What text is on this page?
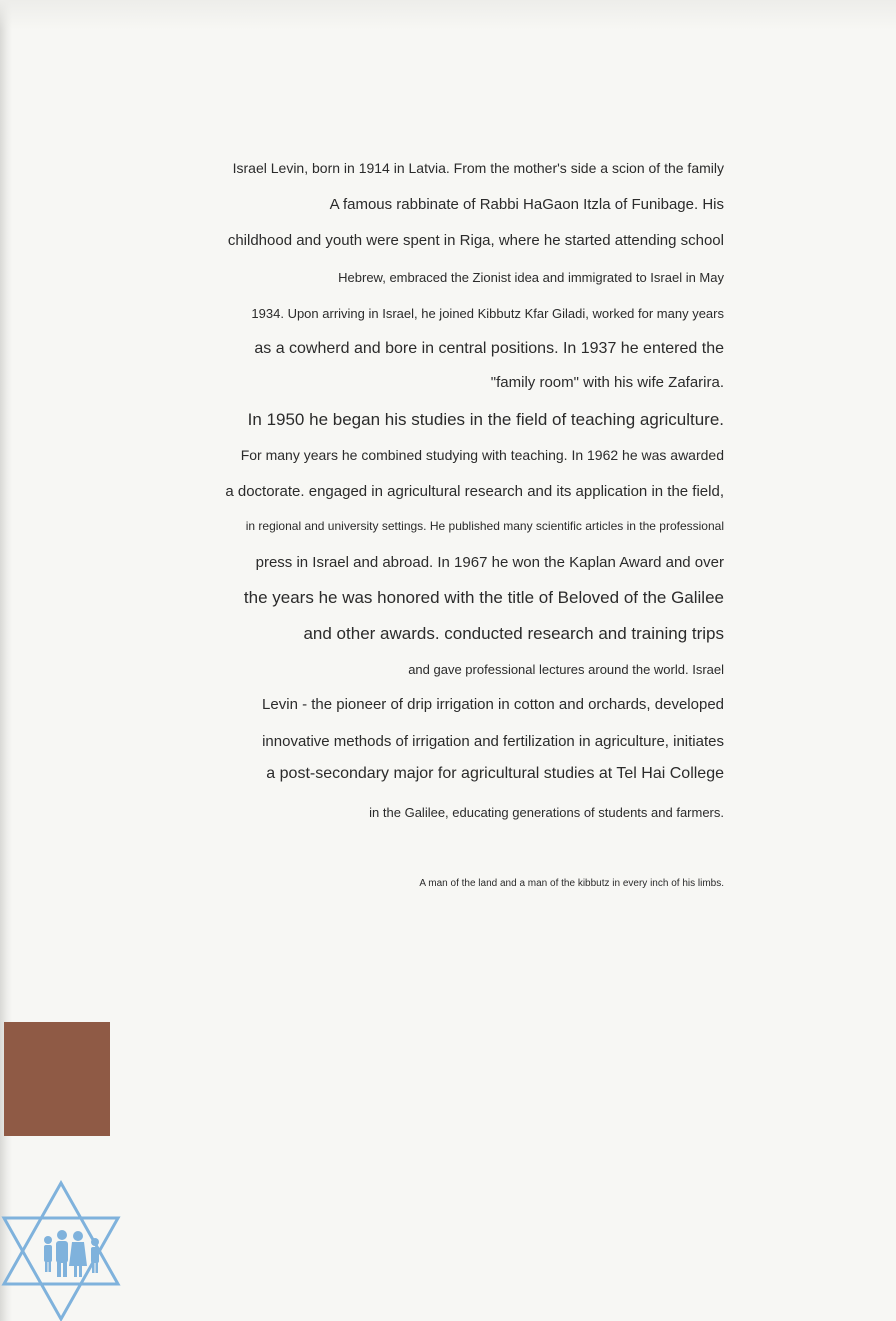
Israel Levin, born in 1914 in Latvia. From the mother's side a scion of the family
A famous rabbinate of Rabbi HaGaon Itzla of Funibage. His
childhood and youth were spent in Riga, where he started attending school
Hebrew, embraced the Zionist idea and immigrated to Israel in May
1934. Upon arriving in Israel, he joined Kibbutz Kfar Giladi, worked for many years
as a cowherd and bore in central positions. In 1937 he entered the
"family room" with his wife Zafarira.
In 1950 he began his studies in the field of teaching agriculture.
For many years he combined studying with teaching. In 1962 he was awarded
a doctorate. engaged in agricultural research and its application in the field,
in regional and university settings. He published many scientific articles in the professional
press in Israel and abroad. In 1967 he won the Kaplan Award and over
the years he was honored with the title of Beloved of the Galilee
and other awards. conducted research and training trips
and gave professional lectures around the world. Israel
Levin - the pioneer of drip irrigation in cotton and orchards, developed
innovative methods of irrigation and fertilization in agriculture, initiates
a post-secondary major for agricultural studies at Tel Hai College
in the Galilee, educating generations of students and farmers.
A man of the land and a man of the kibbutz in every inch of his limbs.
